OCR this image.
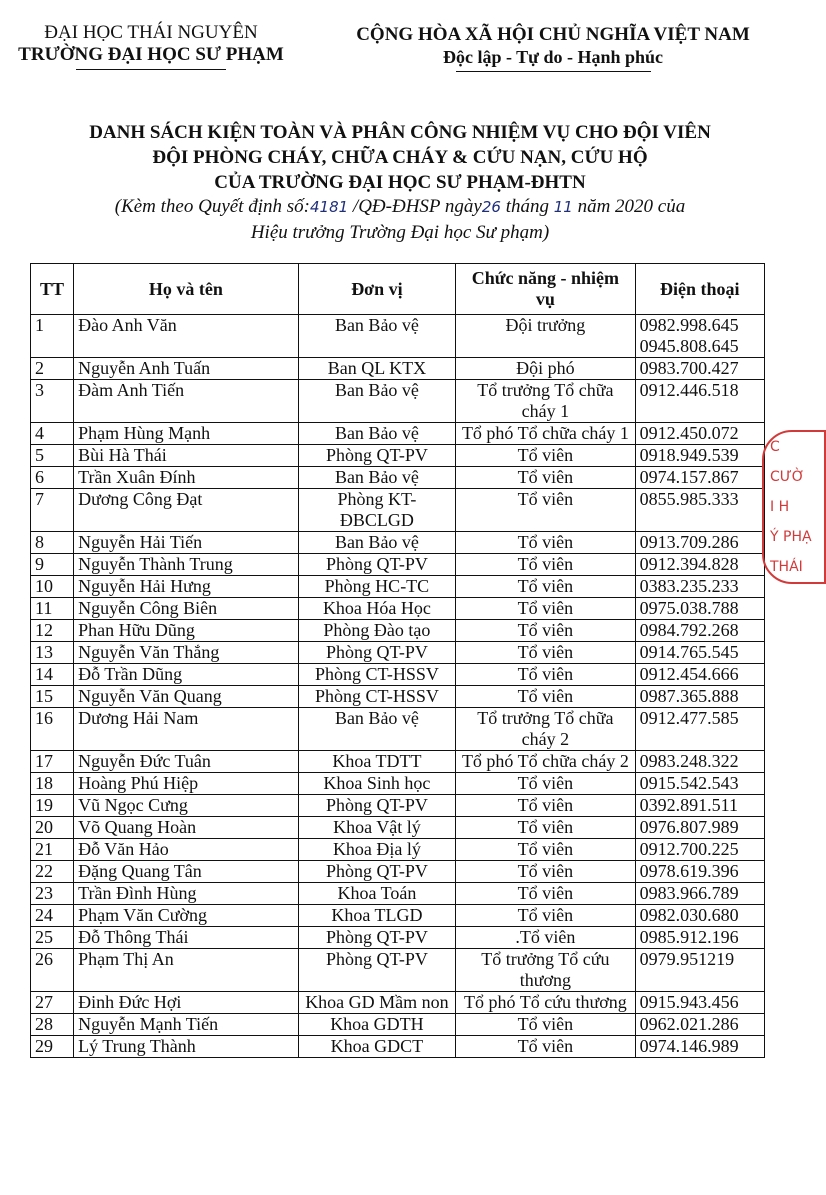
ĐẠI HỌC THÁI NGUYÊN
TRƯỜNG ĐẠI HỌC SƯ PHẠM
CỘNG HÒA XÃ HỘI CHỦ NGHĨA VIỆT NAM
Độc lập - Tự do - Hạnh phúc
DANH SÁCH KIỆN TOÀN VÀ PHÂN CÔNG NHIỆM VỤ CHO ĐỘI VIÊN
ĐỘI PHÒNG CHÁY, CHỮA CHÁY & CỨU NẠN, CỨU HỘ
CỦA TRƯỜNG ĐẠI HỌC SƯ PHẠM-ĐHTN
(Kèm theo Quyết định số:4181 /QĐ-ĐHSP ngày26 tháng 11 năm 2020 của
Hiệu trưởng Trường Đại học Sư phạm)
TT	Họ và tên	Đơn vị	Chức năng - nhiệm vụ	Điện thoại
1	Đào Anh Văn	Ban Bảo vệ	Đội trưởng	0982.998.645
0945.808.645
2	Nguyễn Anh Tuấn	Ban QL KTX	Đội phó	0983.700.427
3	Đàm Anh Tiến	Ban Bảo vệ	Tổ trưởng Tổ chữa cháy 1	0912.446.518
4	Phạm Hùng Mạnh	Ban Bảo vệ	Tổ phó Tổ chữa cháy 1	0912.450.072
5	Bùi Hà Thái	Phòng QT-PV	Tổ viên	0918.949.539
6	Trần Xuân Đính	Ban Bảo vệ	Tổ viên	0974.157.867
7	Dương Công Đạt	Phòng KT-ĐBCLGD	Tổ viên	0855.985.333
8	Nguyễn Hải Tiến	Ban Bảo vệ	Tổ viên	0913.709.286
9	Nguyễn Thành Trung	Phòng QT-PV	Tổ viên	0912.394.828
10	Nguyễn Hải Hưng	Phòng HC-TC	Tổ viên	0383.235.233
11	Nguyễn Công Biên	Khoa Hóa Học	Tổ viên	0975.038.788
12	Phan Hữu Dũng	Phòng Đào tạo	Tổ viên	0984.792.268
13	Nguyễn Văn Thắng	Phòng QT-PV	Tổ viên	0914.765.545
14	Đỗ Trần Dũng	Phòng CT-HSSV	Tổ viên	0912.454.666
15	Nguyễn Văn Quang	Phòng CT-HSSV	Tổ viên	0987.365.888
16	Dương Hải Nam	Ban Bảo vệ	Tổ trưởng Tổ chữa cháy 2	0912.477.585
17	Nguyễn Đức Tuân	Khoa TDTT	Tổ phó Tổ chữa cháy 2	0983.248.322
18	Hoàng Phú Hiệp	Khoa Sinh học	Tổ viên	0915.542.543
19	Vũ Ngọc Cưng	Phòng QT-PV	Tổ viên	0392.891.511
20	Võ Quang Hoàn	Khoa Vật lý	Tổ viên	0976.807.989
21	Đỗ Văn Hảo	Khoa Địa lý	Tổ viên	0912.700.225
22	Đặng Quang Tân	Phòng QT-PV	Tổ viên	0978.619.396
23	Trần Đình Hùng	Khoa Toán	Tổ viên	0983.966.789
24	Phạm Văn Cường	Khoa TLGD	Tổ viên	0982.030.680
25	Đỗ Thông Thái	Phòng QT-PV	.Tổ viên	0985.912.196
26	Phạm Thị An	Phòng QT-PV	Tổ trưởng Tổ cứu thương	0979.951219
27	Đinh Đức Hợi	Khoa GD Mầm non	Tổ phó Tổ cứu thương	0915.943.456
28	Nguyễn Mạnh Tiến	Khoa GDTH	Tổ viên	0962.021.286
29	Lý Trung Thành	Khoa GDCT	Tổ viên	0974.146.989
C
CƯỜ
I H
Ý PHẠ
THÁI
